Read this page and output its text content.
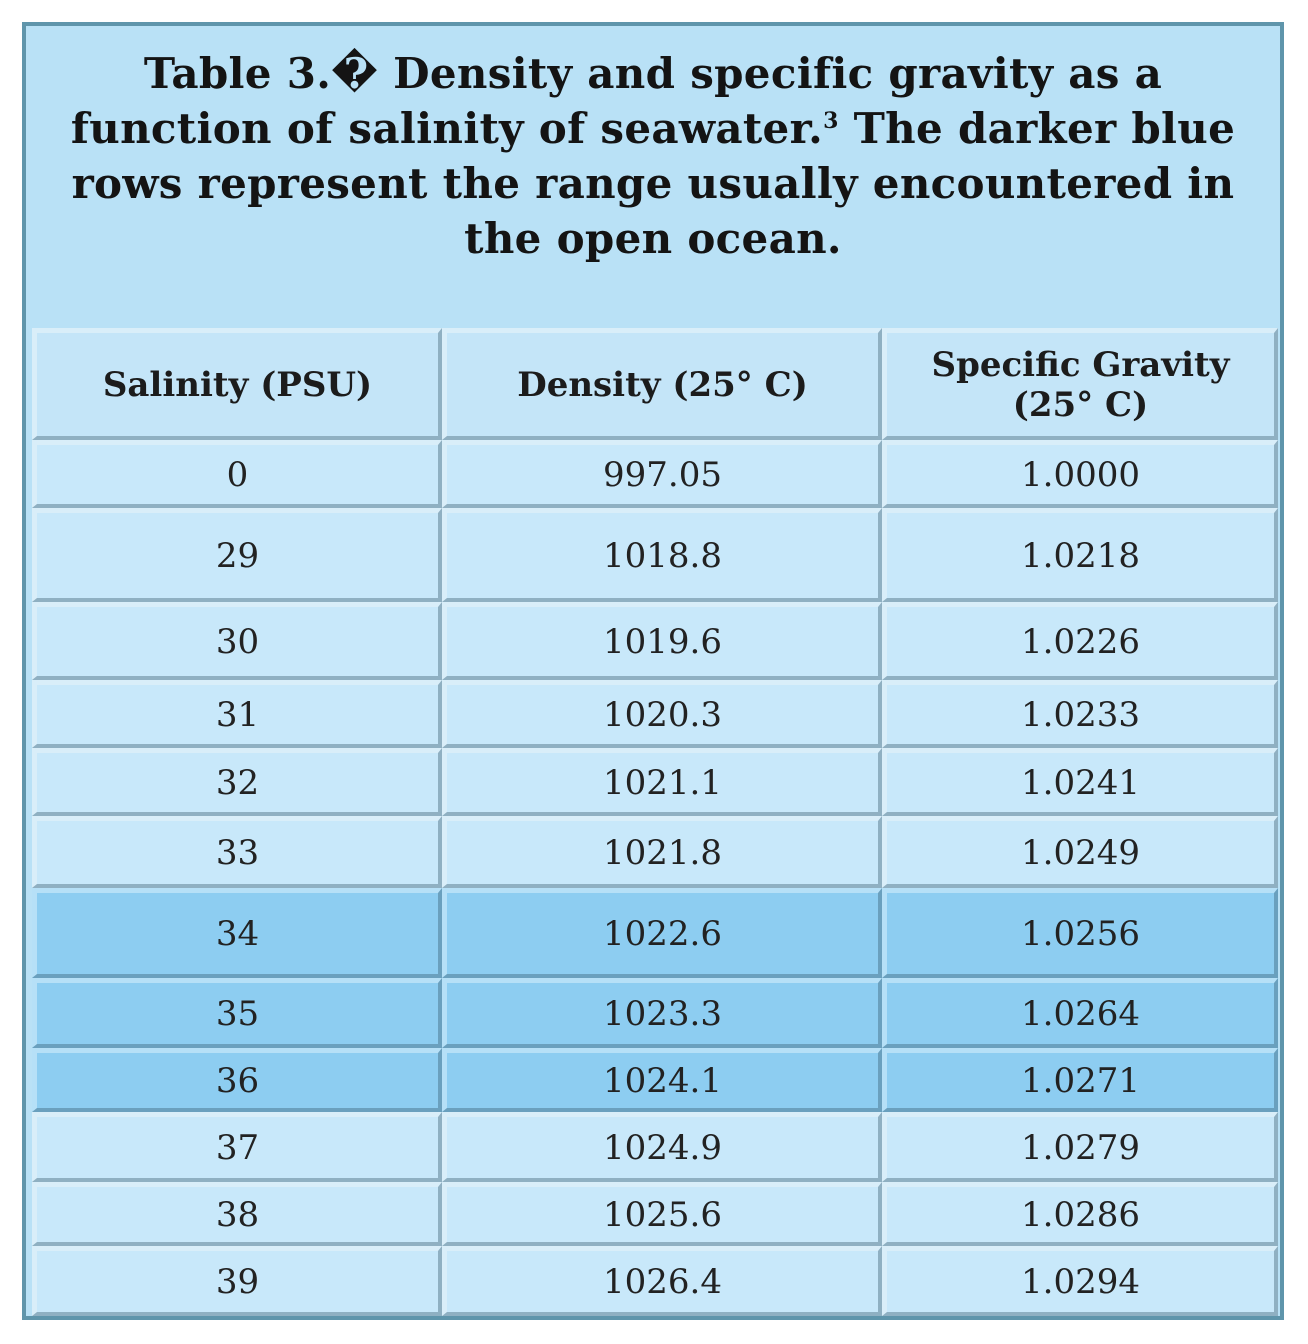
Table 3.� Density and specific gravity as a function of salinity of seawater.$^3$ The darker blue rows represent the range usually encountered in the open ocean.
Salinity (PSU)	Density (25° C)	Specific Gravity (25° C)
0	997.05	1.0000
29	1018.8	1.0218
30	1019.6	1.0226
31	1020.3	1.0233
32	1021.1	1.0241
33	1021.8	1.0249
34	1022.6	1.0256
35	1023.3	1.0264
36	1024.1	1.0271
37	1024.9	1.0279
38	1025.6	1.0286
39	1026.4	1.0294
